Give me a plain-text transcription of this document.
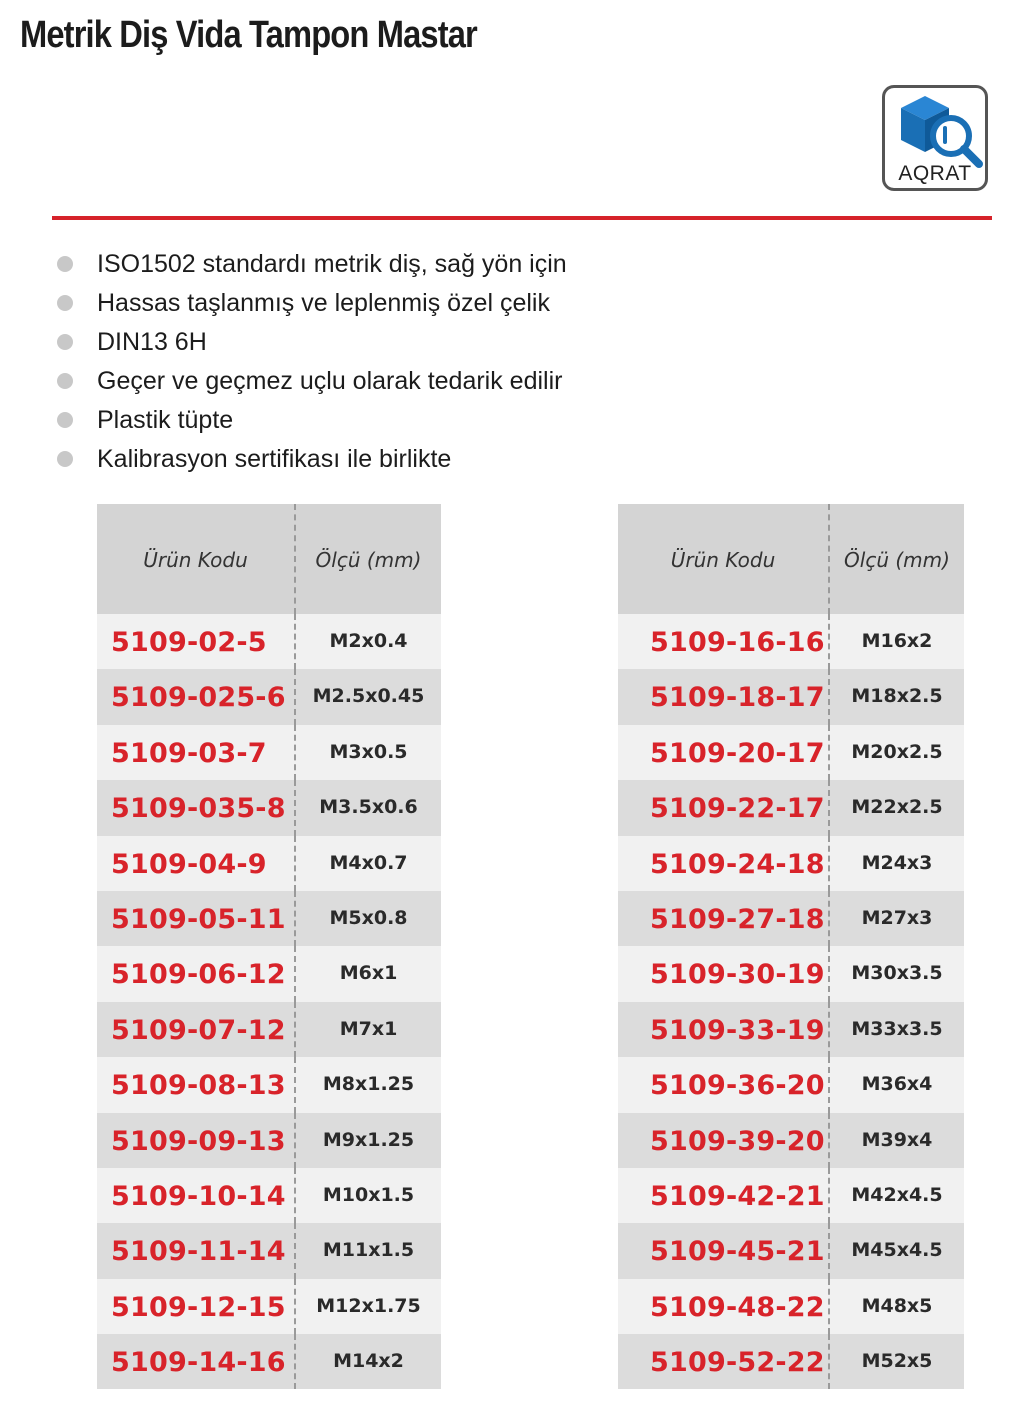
Metrik Diş Vida Tampon Mastar
AQRAT
ISO1502 standardı metrik diş, sağ yön için
Hassas taşlanmış ve leplenmiş özel çelik
DIN13 6H
Geçer ve geçmez uçlu olarak tedarik edilir
Plastik tüpte
Kalibrasyon sertifikası ile birlikte
Ürün Kodu	Ölçü (mm)
5109-02-5	M2x0.4
5109-025-6	M2.5x0.45
5109-03-7	M3x0.5
5109-035-8	M3.5x0.6
5109-04-9	M4x0.7
5109-05-11	M5x0.8
5109-06-12	M6x1
5109-07-12	M7x1
5109-08-13	M8x1.25
5109-09-13	M9x1.25
5109-10-14	M10x1.5
5109-11-14	M11x1.5
5109-12-15	M12x1.75
5109-14-16	M14x2
Ürün Kodu	Ölçü (mm)
5109-16-16	M16x2
5109-18-17	M18x2.5
5109-20-17	M20x2.5
5109-22-17	M22x2.5
5109-24-18	M24x3
5109-27-18	M27x3
5109-30-19	M30x3.5
5109-33-19	M33x3.5
5109-36-20	M36x4
5109-39-20	M39x4
5109-42-21	M42x4.5
5109-45-21	M45x4.5
5109-48-22	M48x5
5109-52-22	M52x5
